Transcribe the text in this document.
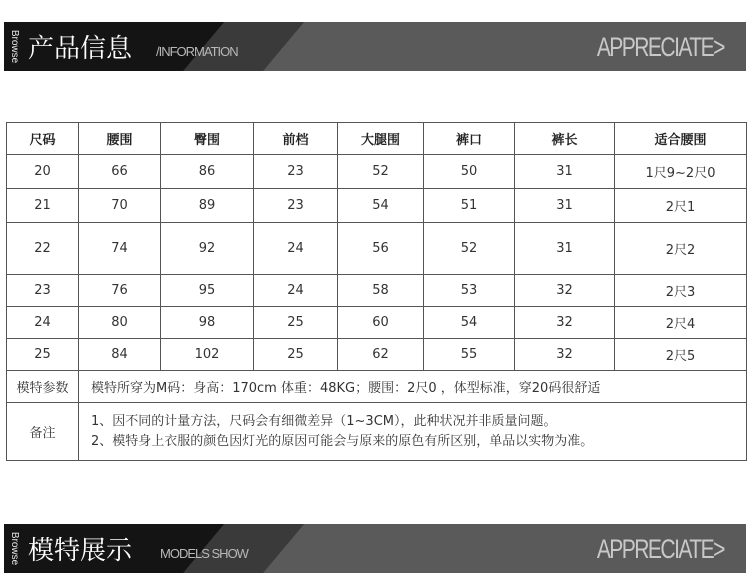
Browse 产品信息 /INFORMATION	APPRECIATE>
尺码	腰围	臀围	前档	大腿围	裤口	裤长	适合腰围
20	66	86	23	52	50	31	1尺9~2尺0
21	70	89	23	54	51	31	2尺1
22	74	92	24	56	52	31	2尺2
23	76	95	24	58	53	32	2尺3
24	80	98	25	60	54	32	2尺4
25	84	102	25	62	55	32	2尺5
模特参数	模特所穿为M码：身高：170cm 体重：48KG；腰围：2尺0 ，体型标准，穿20码很舒适						
备注	1、因不同的计量方法，尺码会有细微差异（1~3CM），此种状况并非质量问题。
2、模特身上衣服的颜色因灯光的原因可能会与原来的原色有所区别，单品以实物为准。						
Browse 模特展示 MODELS SHOW	APPRECIATE>
